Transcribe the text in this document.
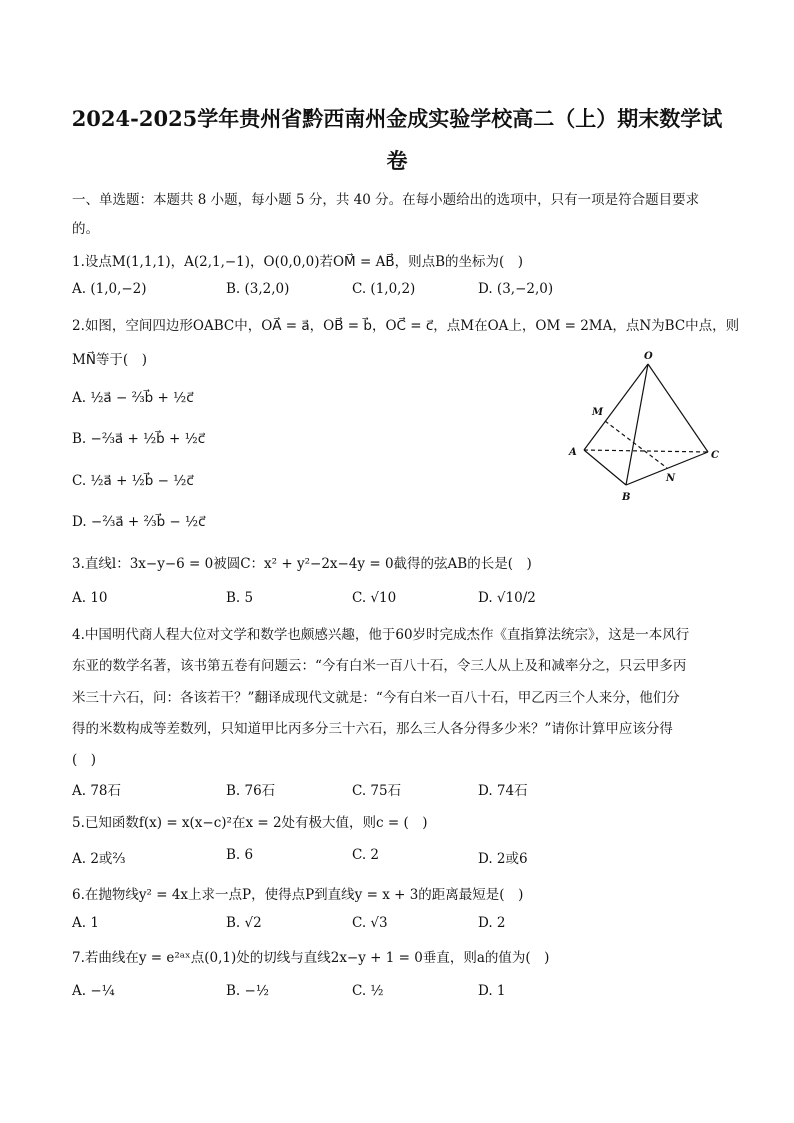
2024-2025学年贵州省黔西南州金成实验学校高二（上）期末数学试
卷
一、单选题：本题共 8 小题，每小题 5 分，共 40 分。在每小题给出的选项中，只有一项是符合题目要求
的。
1.设点M(1,1,1)，A(2,1,−1)，O(0,0,0)若OM⃗ = AB⃗，则点B的坐标为(　)
A. (1,0,−2)	B. (3,2,0)	C. (1,0,2)	D. (3,−2,0)
2.如图，空间四边形OABC中，OA⃗ = a⃗，OB⃗ = b⃗，OC⃗ = c⃗，点M在OA上，OM = 2MA，点N为BC中点，则
MN⃗等于(　)
A. ½a⃗ − ⅔b⃗ + ½c⃗
B. −⅔a⃗ + ½b⃗ + ½c⃗
C. ½a⃗ + ½b⃗ − ½c⃗
D. −⅔a⃗ + ⅔b⃗ − ½c⃗
O
M
A
B
C
N
3.直线l：3x−y−6 = 0被圆C：x² + y²−2x−4y = 0截得的弦AB的长是(　)
A. 10	B. 5	C. √10	D. √10/2
4.中国明代商人程大位对文学和数学也颇感兴趣，他于60岁时完成杰作《直指算法统宗》，这是一本风行
东亚的数学名著，该书第五卷有问题云：“今有白米一百八十石，令三人从上及和减率分之，只云甲多丙
米三十六石，问：各该若干？”翻译成现代文就是：“今有白米一百八十石，甲乙丙三个人来分，他们分
得的米数构成等差数列，只知道甲比丙多分三十六石，那么三人各分得多少米？”请你计算甲应该分得
(　)
A. 78石	B. 76石	C. 75石	D. 74石
5.已知函数f(x) = x(x−c)²在x = 2处有极大值，则c = (　)
A. 2或⅔	B. 6	C. 2	D. 2或6
6.在抛物线y² = 4x上求一点P，使得点P到直线y = x + 3的距离最短是(　)
A. 1	B. √2	C. √3	D. 2
7.若曲线在y = e²ᵃˣ点(0,1)处的切线与直线2x−y + 1 = 0垂直，则a的值为(　)
A. −¼	B. −½	C. ½	D. 1
